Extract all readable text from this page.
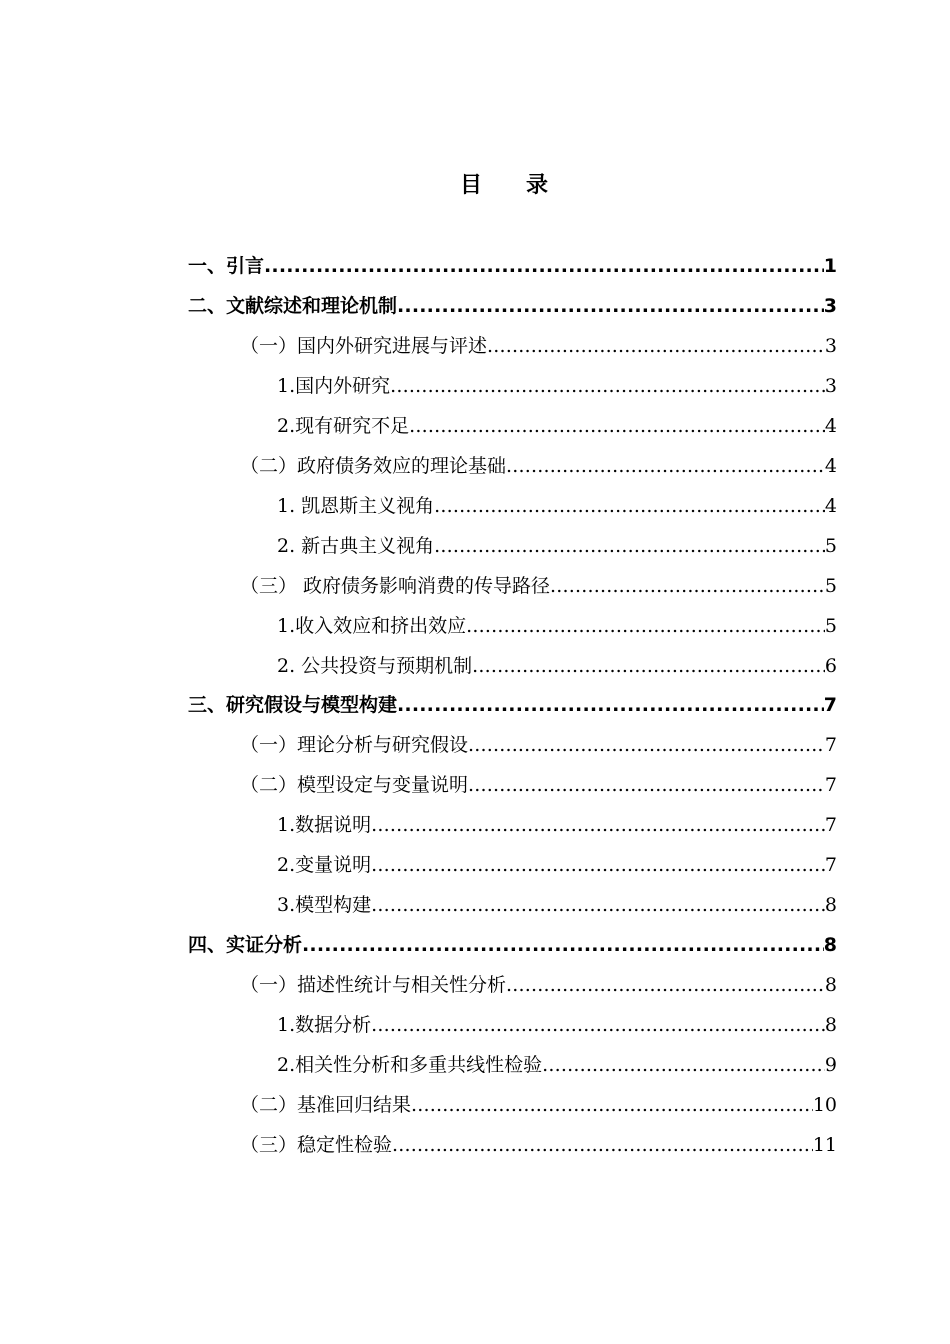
目 录
一、引言 .....	1
二、文献综述和理论机制 .....	3
（一）国内外研究进展与评述 .....	3
1.国内外研究 .....	3
2.现有研究不足 .....	4
（二）政府债务效应的理论基础 .....	4
1. 凯恩斯主义视角 .....	4
2. 新古典主义视角 .....	5
（三） 政府债务影响消费的传导路径 .....	5
1.收入效应和挤出效应 .....	5
2. 公共投资与预期机制 .....	6
三、研究假设与模型构建 .....	7
（一）理论分析与研究假设 .....	7
（二）模型设定与变量说明 .....	7
1.数据说明 .....	7
2.变量说明 .....	7
3.模型构建 .....	8
四、实证分析 .....	8
（一）描述性统计与相关性分析 .....	8
1.数据分析 .....	8
2.相关性分析和多重共线性检验 .....	9
（二）基准回归结果 .....	10
（三）稳定性检验 .....	11
